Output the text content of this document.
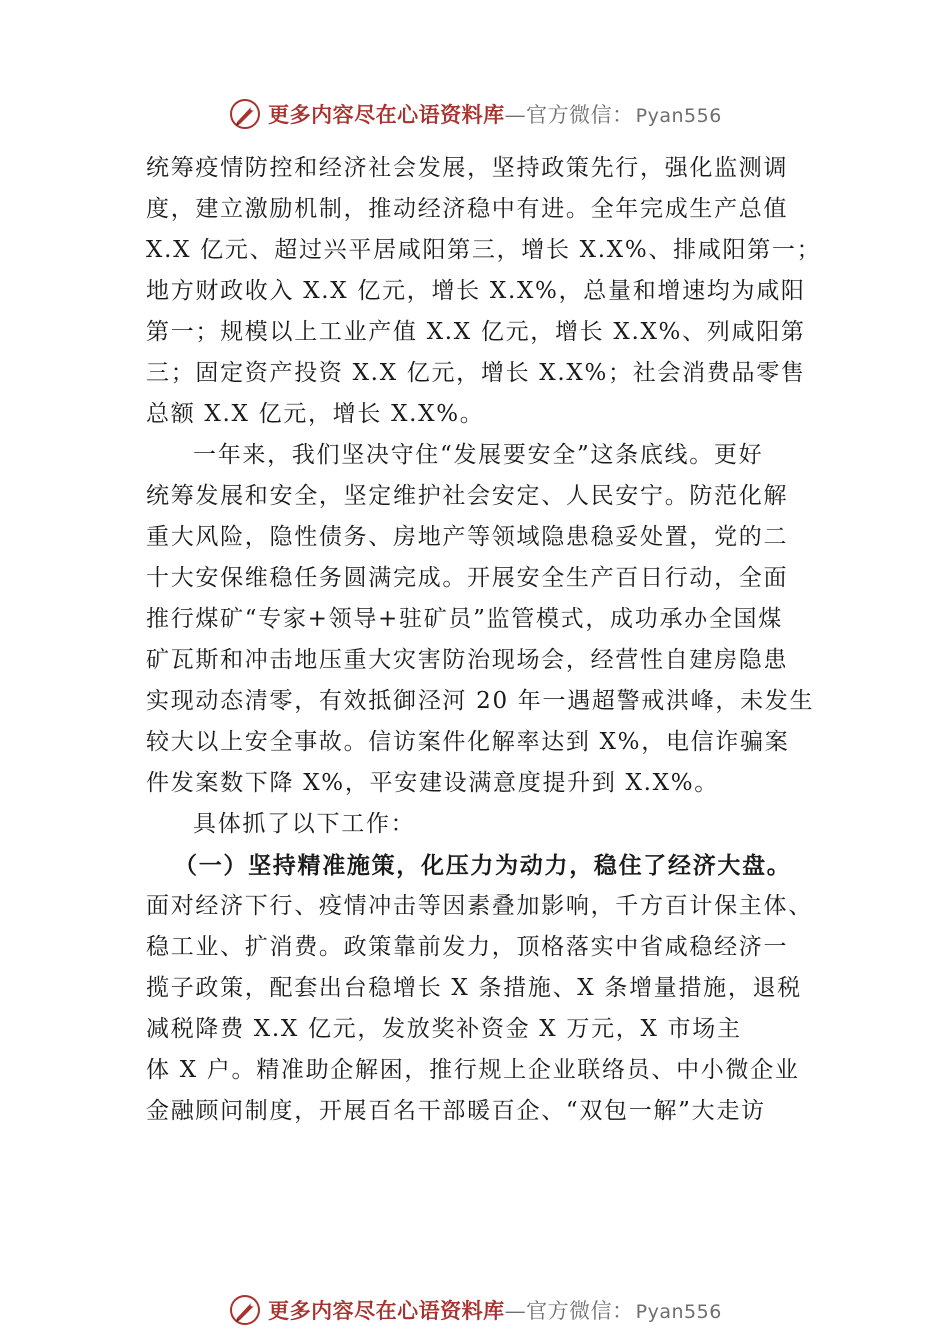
更多内容尽在心语资料库—官方微信： Pyan556
统筹疫情防控和经济社会发展，坚持政策先行，强化监测调
度，建立激励机制，推动经济稳中有进。全年完成生产总值
X.X 亿元、超过兴平居咸阳第三，增长 X.X%、排咸阳第一；
地方财政收入 X.X 亿元，增长 X.X%，总量和增速均为咸阳
第一；规模以上工业产值 X.X 亿元，增长 X.X%、列咸阳第
三；固定资产投资 X.X 亿元，增长 X.X%；社会消费品零售
总额 X.X 亿元，增长 X.X%。
一年来，我们坚决守住“发展要安全”这条底线。更好
统筹发展和安全，坚定维护社会安定、人民安宁。防范化解
重大风险，隐性债务、房地产等领域隐患稳妥处置，党的二
十大安保维稳任务圆满完成。开展安全生产百日行动，全面
推行煤矿“专家+领导+驻矿员”监管模式，成功承办全国煤
矿瓦斯和冲击地压重大灾害防治现场会，经营性自建房隐患
实现动态清零，有效抵御泾河 20 年一遇超警戒洪峰，未发生
较大以上安全事故。信访案件化解率达到 X%，电信诈骗案
件发案数下降 X%，平安建设满意度提升到 X.X%。
具体抓了以下工作：
（一）坚持精准施策，化压力为动力，稳住了经济大盘。
面对经济下行、疫情冲击等因素叠加影响，千方百计保主体、
稳工业、扩消费。政策靠前发力，顶格落实中省咸稳经济一
揽子政策，配套出台稳增长 X 条措施、X 条增量措施，退税
减税降费 X.X 亿元，发放奖补资金 X 万元，X 市场主
体 X 户。精准助企解困，推行规上企业联络员、中小微企业
金融顾问制度，开展百名干部暖百企、“双包一解”大走访
更多内容尽在心语资料库—官方微信： Pyan556
